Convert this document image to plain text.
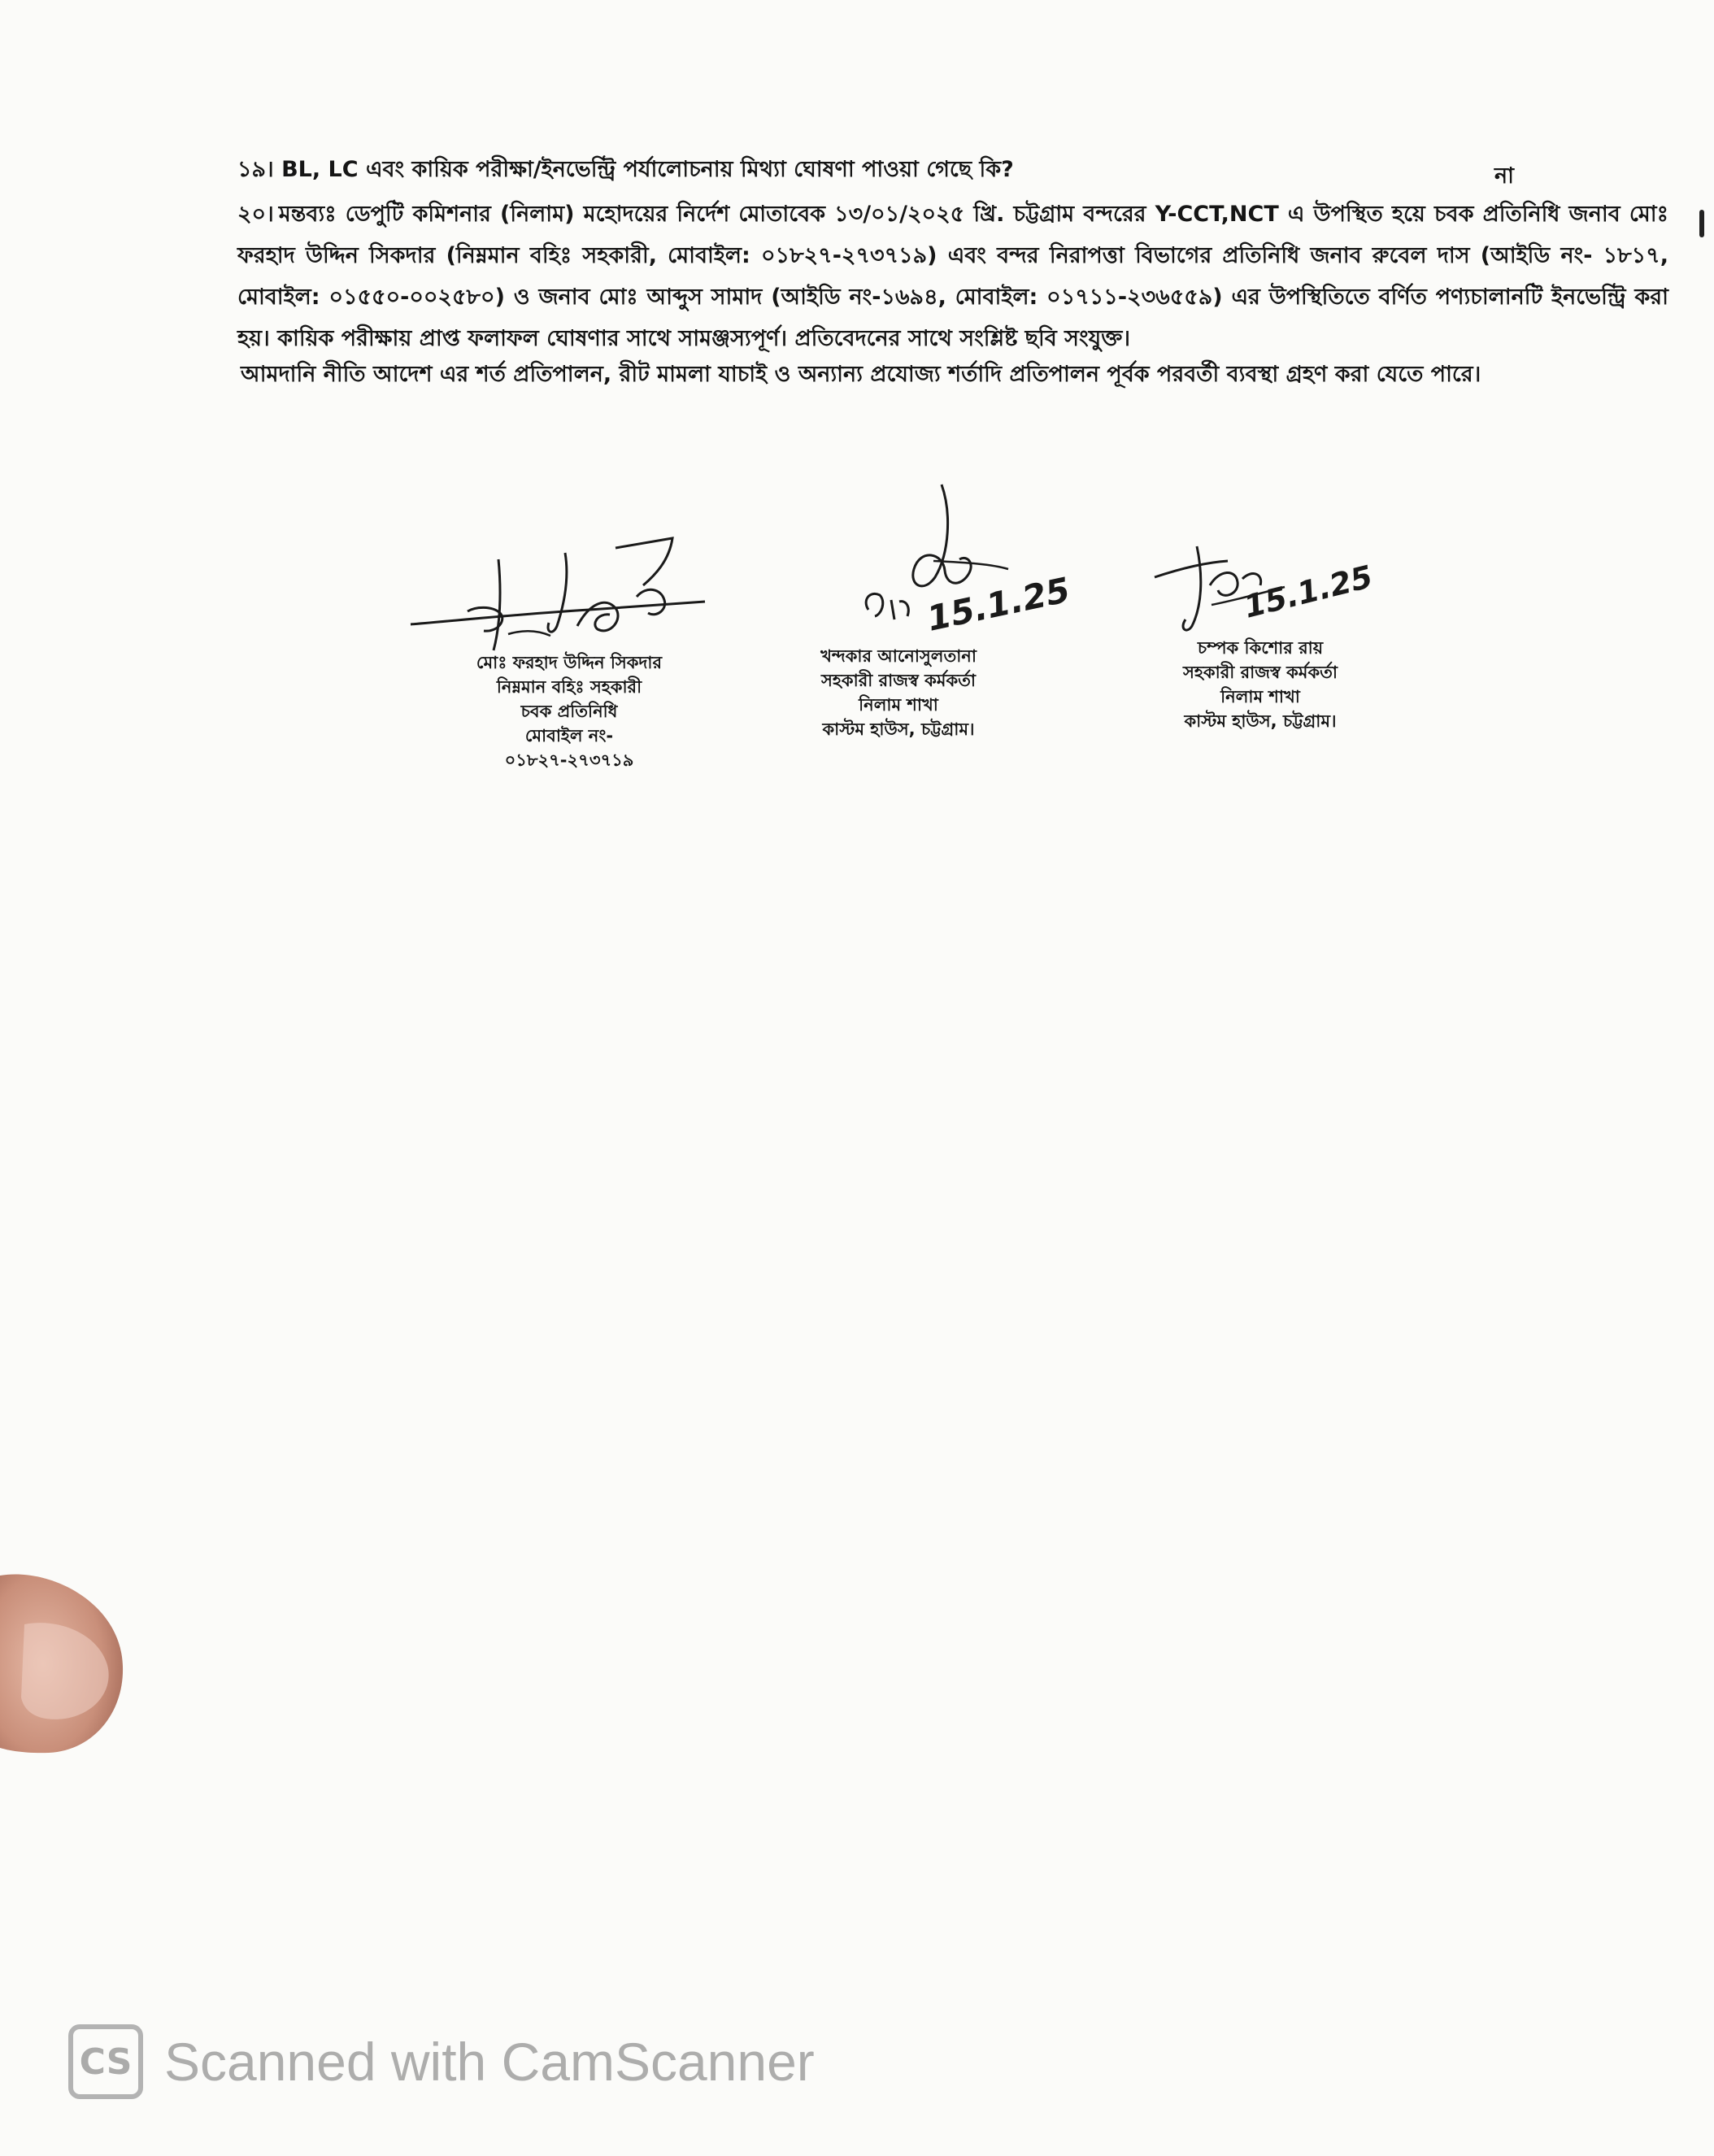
১৯। BL, LC এবং কায়িক পরীক্ষা/ইনভেন্ট্রি পর্যালোচনায় মিথ্যা ঘোষণা পাওয়া গেছে কি?	না
২০। মন্তব্যঃ ডেপুটি কমিশনার (নিলাম) মহোদয়ের নির্দেশ মোতাবেক ১৩/০১/২০২৫ খ্রি. চট্টগ্রাম বন্দরের Y-CCT,NCT এ উপস্থিত হয়ে চবক প্রতিনিধি জনাব মোঃ ফরহাদ উদ্দিন সিকদার (নিম্নমান বহিঃ সহকারী, মোবাইল: ০১৮২৭-২৭৩৭১৯) এবং বন্দর নিরাপত্তা বিভাগের প্রতিনিধি জনাব রুবেল দাস (আইডি নং- ১৮১৭, মোবাইল: ০১৫৫০-০০২৫৮০) ও জনাব মোঃ আব্দুস সামাদ (আইডি নং-১৬৯৪, মোবাইল: ০১৭১১-২৩৬৫৫৯) এর উপস্থিতিতে বর্ণিত পণ্যচালানটি ইনভেন্ট্রি করা হয়। কায়িক পরীক্ষায় প্রাপ্ত ফলাফল ঘোষণার সাথে সামঞ্জস্যপূর্ণ। প্রতিবেদনের সাথে সংশ্লিষ্ট ছবি সংযুক্ত।
আমদানি নীতি আদেশ এর শর্ত প্রতিপালন, রীট মামলা যাচাই ও অন্যান্য প্রযোজ্য শর্তাদি প্রতিপালন পূর্বক পরবর্তী ব্যবস্থা গ্রহণ করা যেতে পারে।
মোঃ ফরহাদ উদ্দিন সিকদার
নিম্নমান বহিঃ সহকারী
চবক প্রতিনিধি
মোবাইল নং-
০১৮২৭-২৭৩৭১৯
15.1.25
খন্দকার আনোসুলতানা
সহকারী রাজস্ব কর্মকর্তা
নিলাম শাখা
কাস্টম হাউস, চট্টগ্রাম।
15.1.25
চম্পক কিশোর রায়
সহকারী রাজস্ব কর্মকর্তা
নিলাম শাখা
কাস্টম হাউস, চট্টগ্রাম।
CS Scanned with CamScanner
